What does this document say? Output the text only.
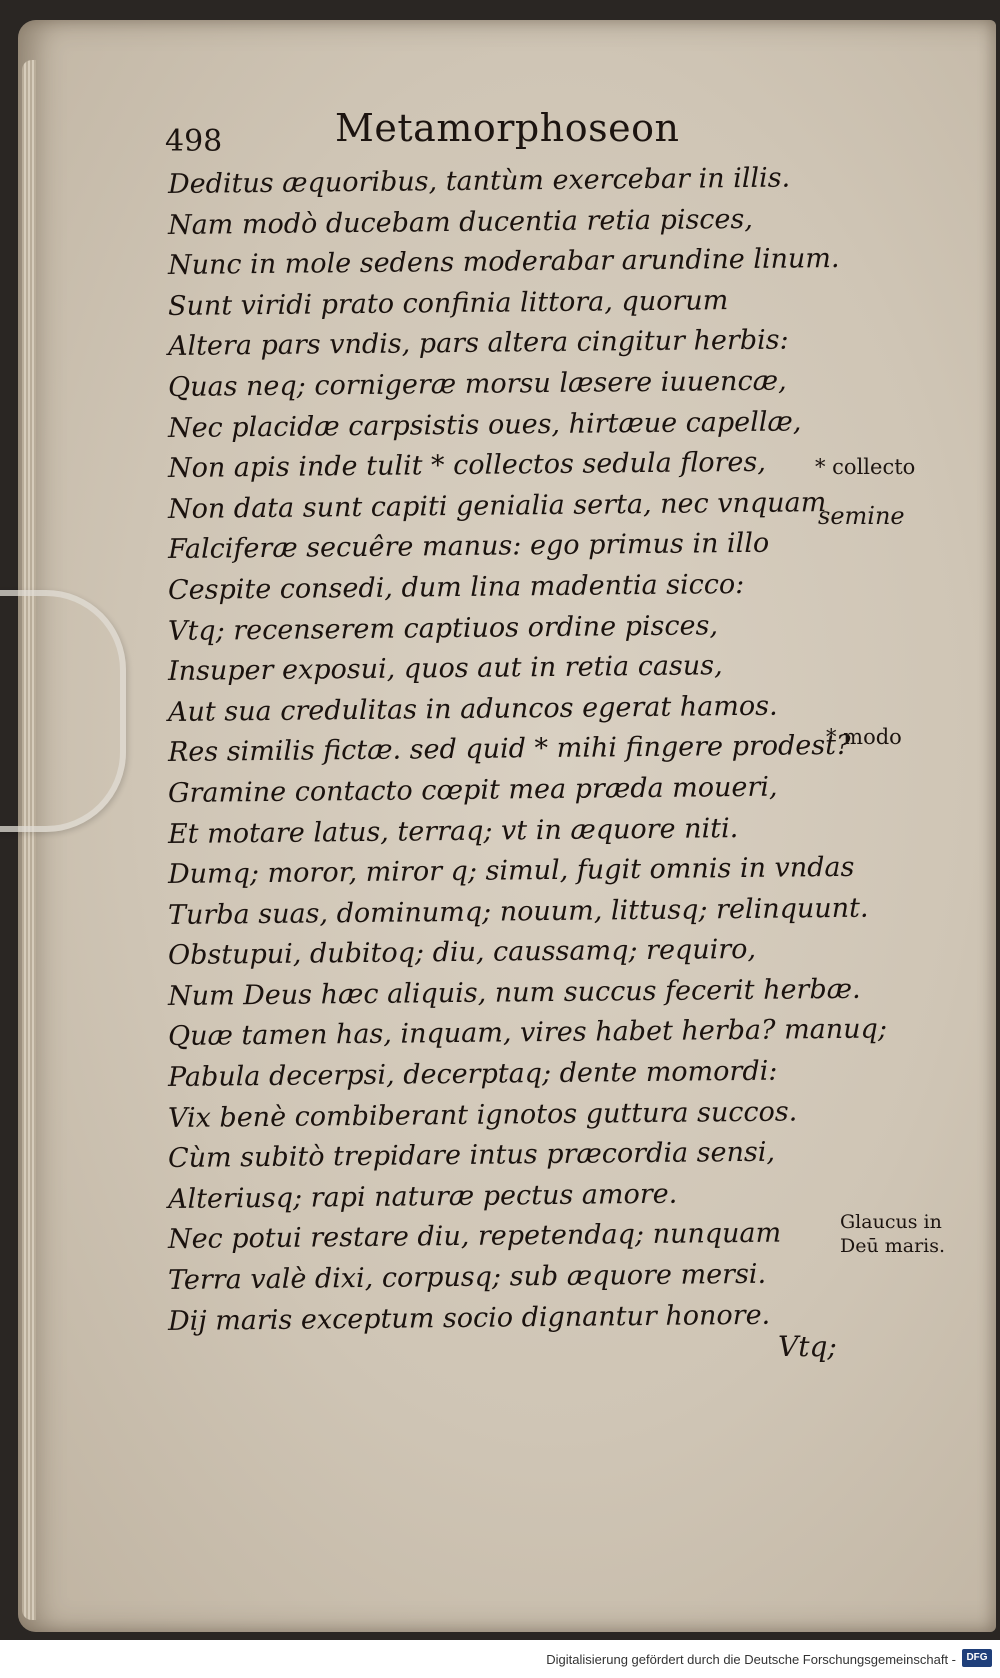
498	Metamorphoseon
Deditus æquoribus, tantùm exercebar in illis.
Nam modò ducebam ducentia retia pisces,
Nunc in mole sedens moderabar arundine linum.
Sunt viridi prato confinia littora, quorum
Altera pars vndis, pars altera cingitur herbis:
Quas neq; cornigeræ morsu læsere iuuencæ,
Nec placidæ carpsistis oues, hirtæue capellæ,
Non apis inde tulit * collectos sedula flores,
Non data sunt capiti genialia serta, nec vnquam
Falciferæ secuêre manus: ego primus in illo
Cespite consedi, dum lina madentia sicco:
Vtq; recenserem captiuos ordine pisces,
Insuper exposui, quos aut in retia casus,
Aut sua credulitas in aduncos egerat hamos.
Res similis fictæ. sed quid * mihi fingere prodest?
Gramine contacto cœpit mea præda moueri,
Et motare latus, terraq; vt in æquore niti.
Dumq; moror, miror q; simul, fugit omnis in vndas
Turba suas, dominumq; nouum, littusq; relinquunt.
Obstupui, dubitoq; diu, caussamq; requiro,
Num Deus hæc aliquis, num succus fecerit herbæ.
Quæ tamen has, inquam, vires habet herba? manuq;
Pabula decerpsi, decerptaq; dente momordi:
Vix benè combiberant ignotos guttura succos.
Cùm subitò trepidare intus præcordia sensi,
Alteriusq; rapi naturæ pectus amore.
Nec potui restare diu, repetendaq; nunquam
Terra valè dixi, corpusq; sub æquore mersi.
Dij maris exceptum socio dignantur honore.
* collecto
semine
* modo
Glaucus in
Deū maris.
Vtq;
Digitalisierung gefördert durch die Deutsche Forschungsgemeinschaft -	DFG
